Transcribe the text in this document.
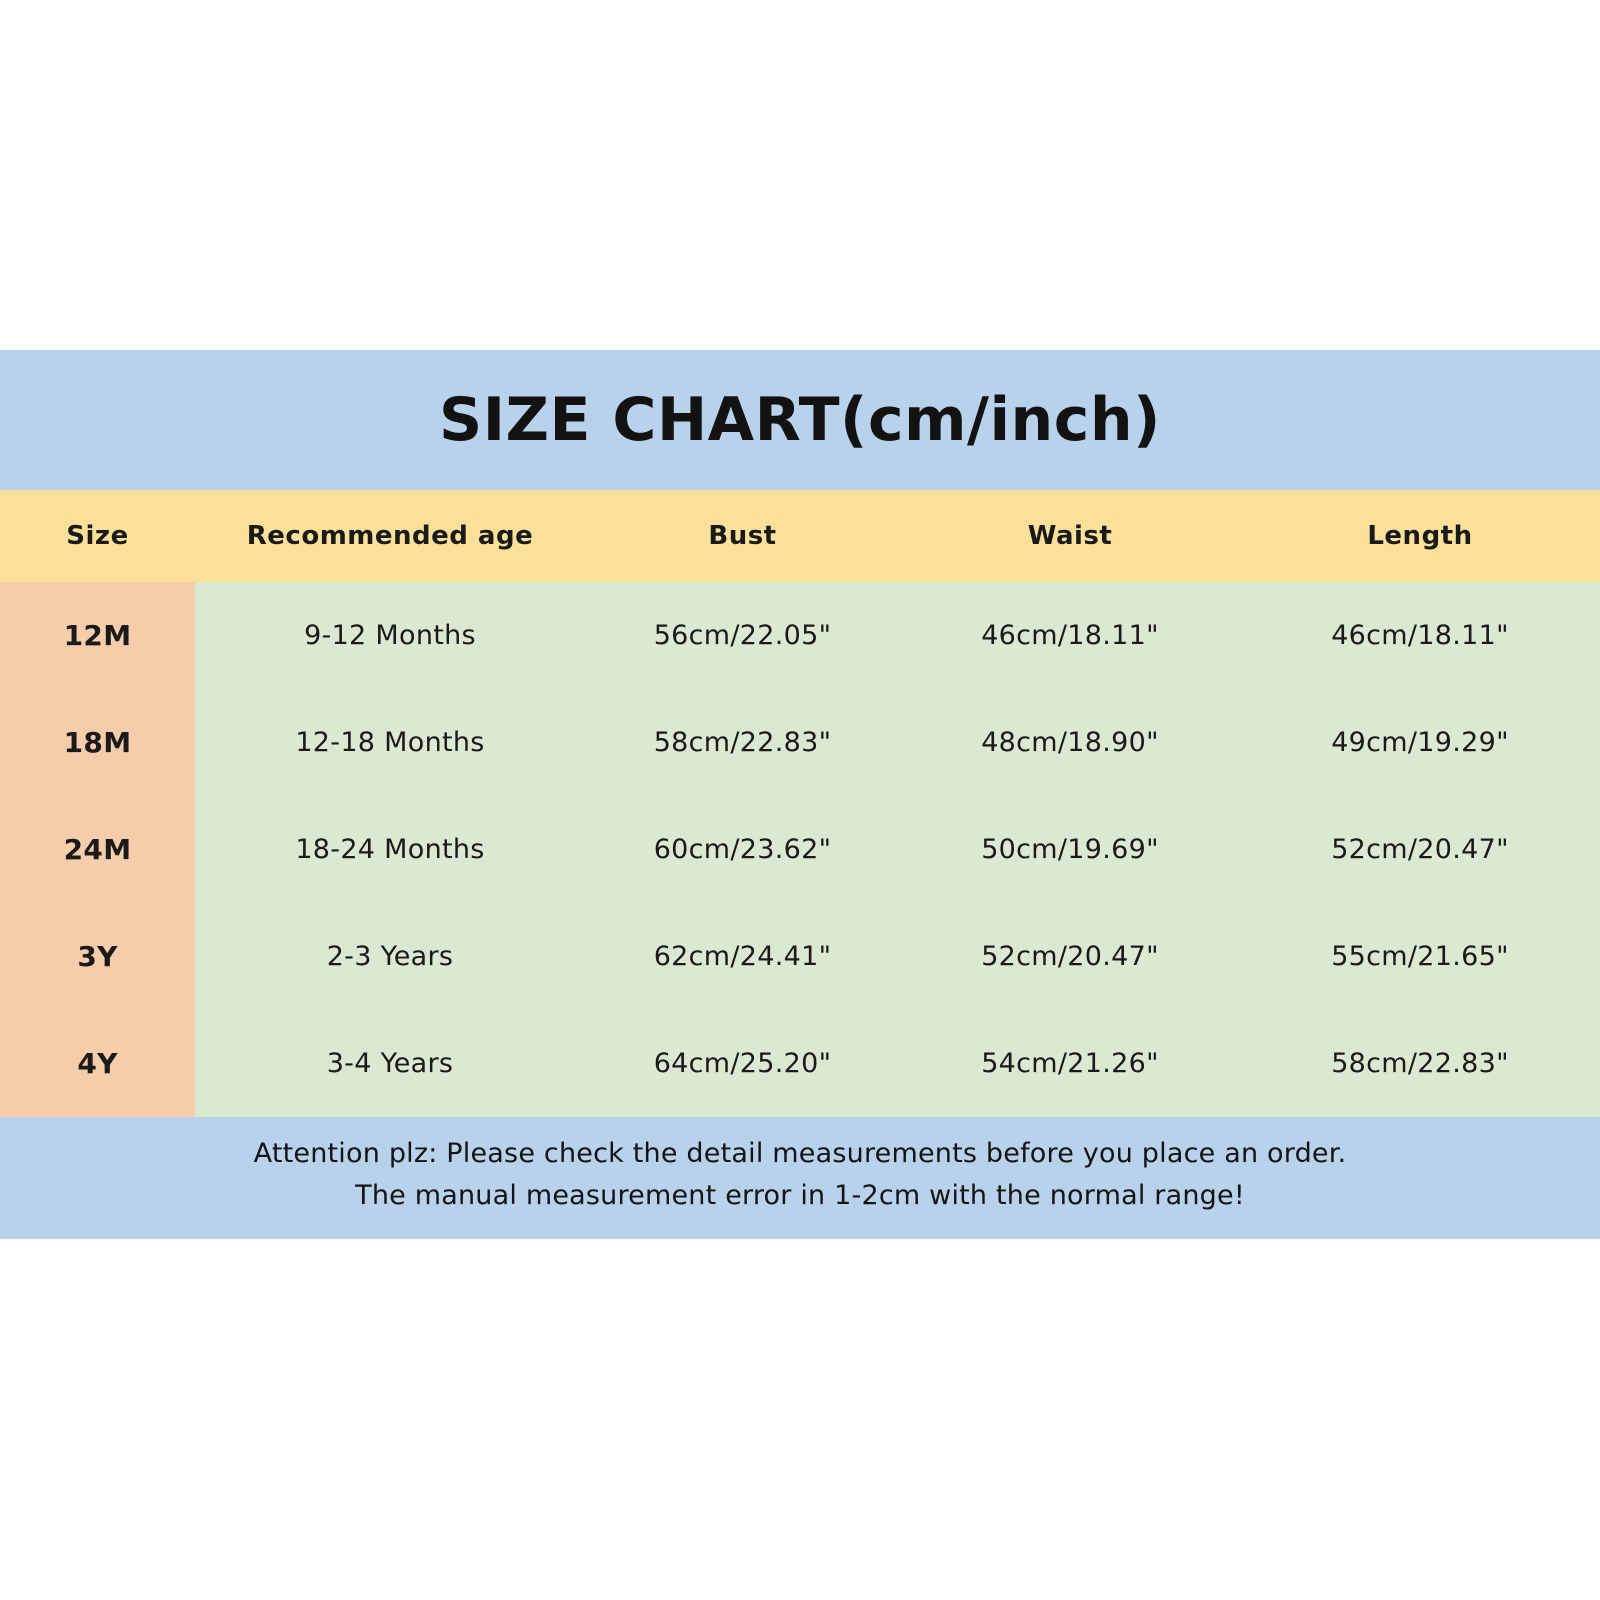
SIZE CHART(cm/inch)
Size	Recommended age	Bust	Waist	Length
12M	9-12 Months	56cm/22.05"	46cm/18.11"	46cm/18.11"
18M	12-18 Months	58cm/22.83"	48cm/18.90"	49cm/19.29"
24M	18-24 Months	60cm/23.62"	50cm/19.69"	52cm/20.47"
3Y	2-3 Years	62cm/24.41"	52cm/20.47"	55cm/21.65"
4Y	3-4 Years	64cm/25.20"	54cm/21.26"	58cm/22.83"
Attention plz: Please check the detail measurements before you place an order.
The manual measurement error in 1-2cm with the normal range!
